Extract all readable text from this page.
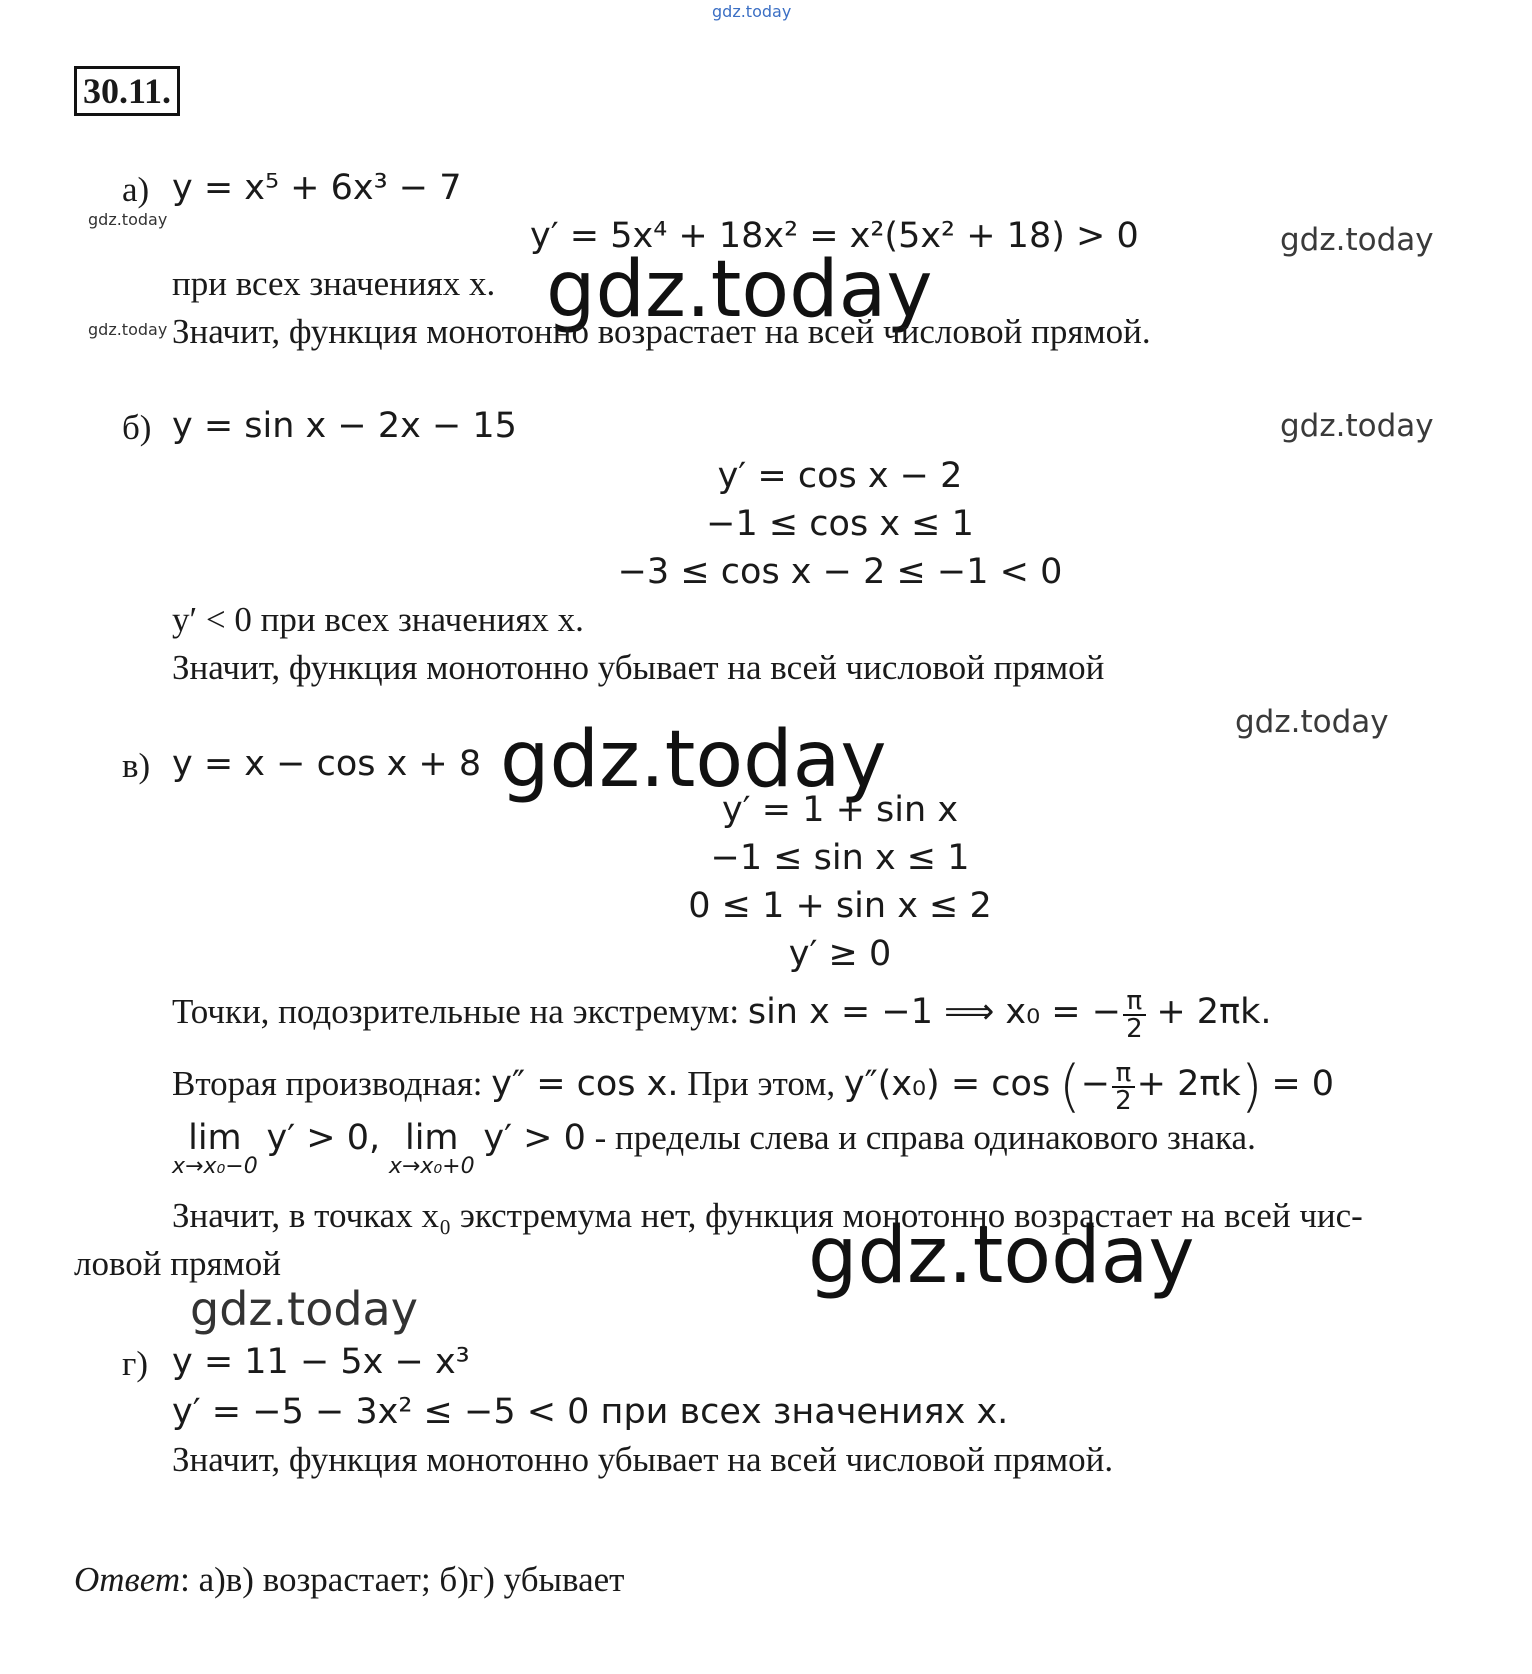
gdz.today
30.11.
а) y = x⁵ + 6x³ − 7
gdz.today	y′ = 5x⁴ + 18x² = x²(5x² + 18) > 0	gdz.today
при всех значениях x. gdz.today
gdz.today Значит, функция монотонно возрастает на всей числовой прямой.
б) y = sin x − 2x − 15	gdz.today
y′ = cos x − 2
−1 ≤ cos x ≤ 1
−3 ≤ cos x − 2 ≤ −1 < 0
y′ < 0 при всех значениях x.
Значит, функция монотонно убывает на всей числовой прямой
gdz.today
в) y = x − cos x + 8 gdz.today
y′ = 1 + sin x
−1 ≤ sin x ≤ 1
0 ≤ 1 + sin x ≤ 2
y′ ≥ 0
Точки, подозрительные на экстремум: sin x = −1 ⟹ x₀ = − $\frac{\pi}{2} + 2\pi k$.
Вторая производная: y″ = cos x. При этом, y″(x₀) = cos (− $\frac{\pi}{2} + 2\pi k) = 0$
lim
x→x₀−0
y′ > 0, lim
x→x₀+0
y′ > 0 - пределы слева и справа одинакового знака.
Значит, в точках x₀ экстремума нет, функция монотонно возрастает на всей чис-
ловой прямой	gdz.today
gdz.today
г) y = 11 − 5x − x³
y′ = −5 − 3x² ≤ −5 < 0 при всех значениях x.
Значит, функция монотонно убывает на всей числовой прямой.
Ответ: а)в) возрастает; б)г) убывает
